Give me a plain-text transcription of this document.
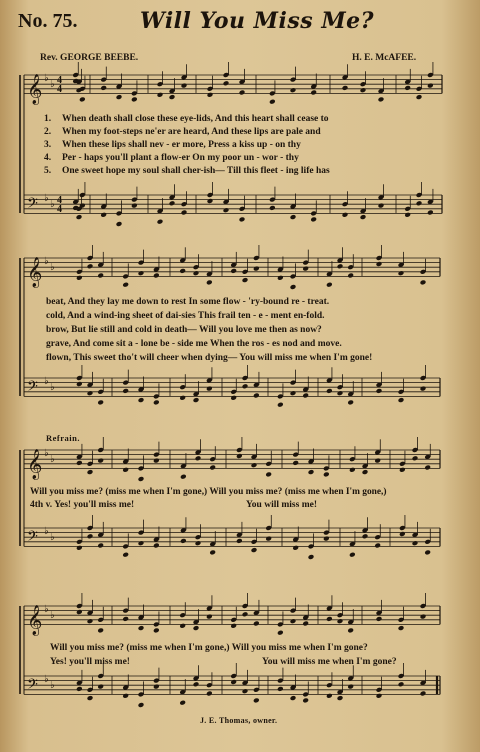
𝄞 ♭
♭ 4
4
𝄢 ♭
♭ 4
4
𝄞 ♭
♭
𝄢 ♭
♭
𝄞 ♭
♭
𝄢 ♭
♭
𝄞 ♭
♭
𝄢 ♭
♭
No. 75.	Will You Miss Me?
Rev. GEORGE BEEBE.	H. E. McAFEE.
1. When death shall close these eye-lids, And this heart shall cease to
2. When my foot-steps ne'er are heard, And these lips are pale and
3. When these lips shall nev - er more, Press a kiss up - on thy
4. Per - haps you'll plant a flow-er On my poor un - wor - thy
5. One sweet hope my soul shall cher-ish— Till this fleet - ing life has
beat, And they lay me down to rest In some flow - 'ry-bound re - treat.
cold, And a wind-ing sheet of dai-sies This frail ten - e - ment en-fold.
brow, But lie still and cold in death— Will you love me then as now?
grave, And come sit a - lone be - side me When the ros - es nod and move.
flown, This sweet tho't will cheer when dying— You will miss me when I'm gone!
Refrain.
Will you miss me? (miss me when I'm gone,) Will you miss me? (miss me when I'm gone,)
4th v. Yes! you'll miss me!	You will miss me!
Will you miss me? (miss me when I'm gone,) Will you miss me when I'm gone?
Yes! you'll miss me!	You will miss me when I'm gone?
J. E. Thomas, owner.
